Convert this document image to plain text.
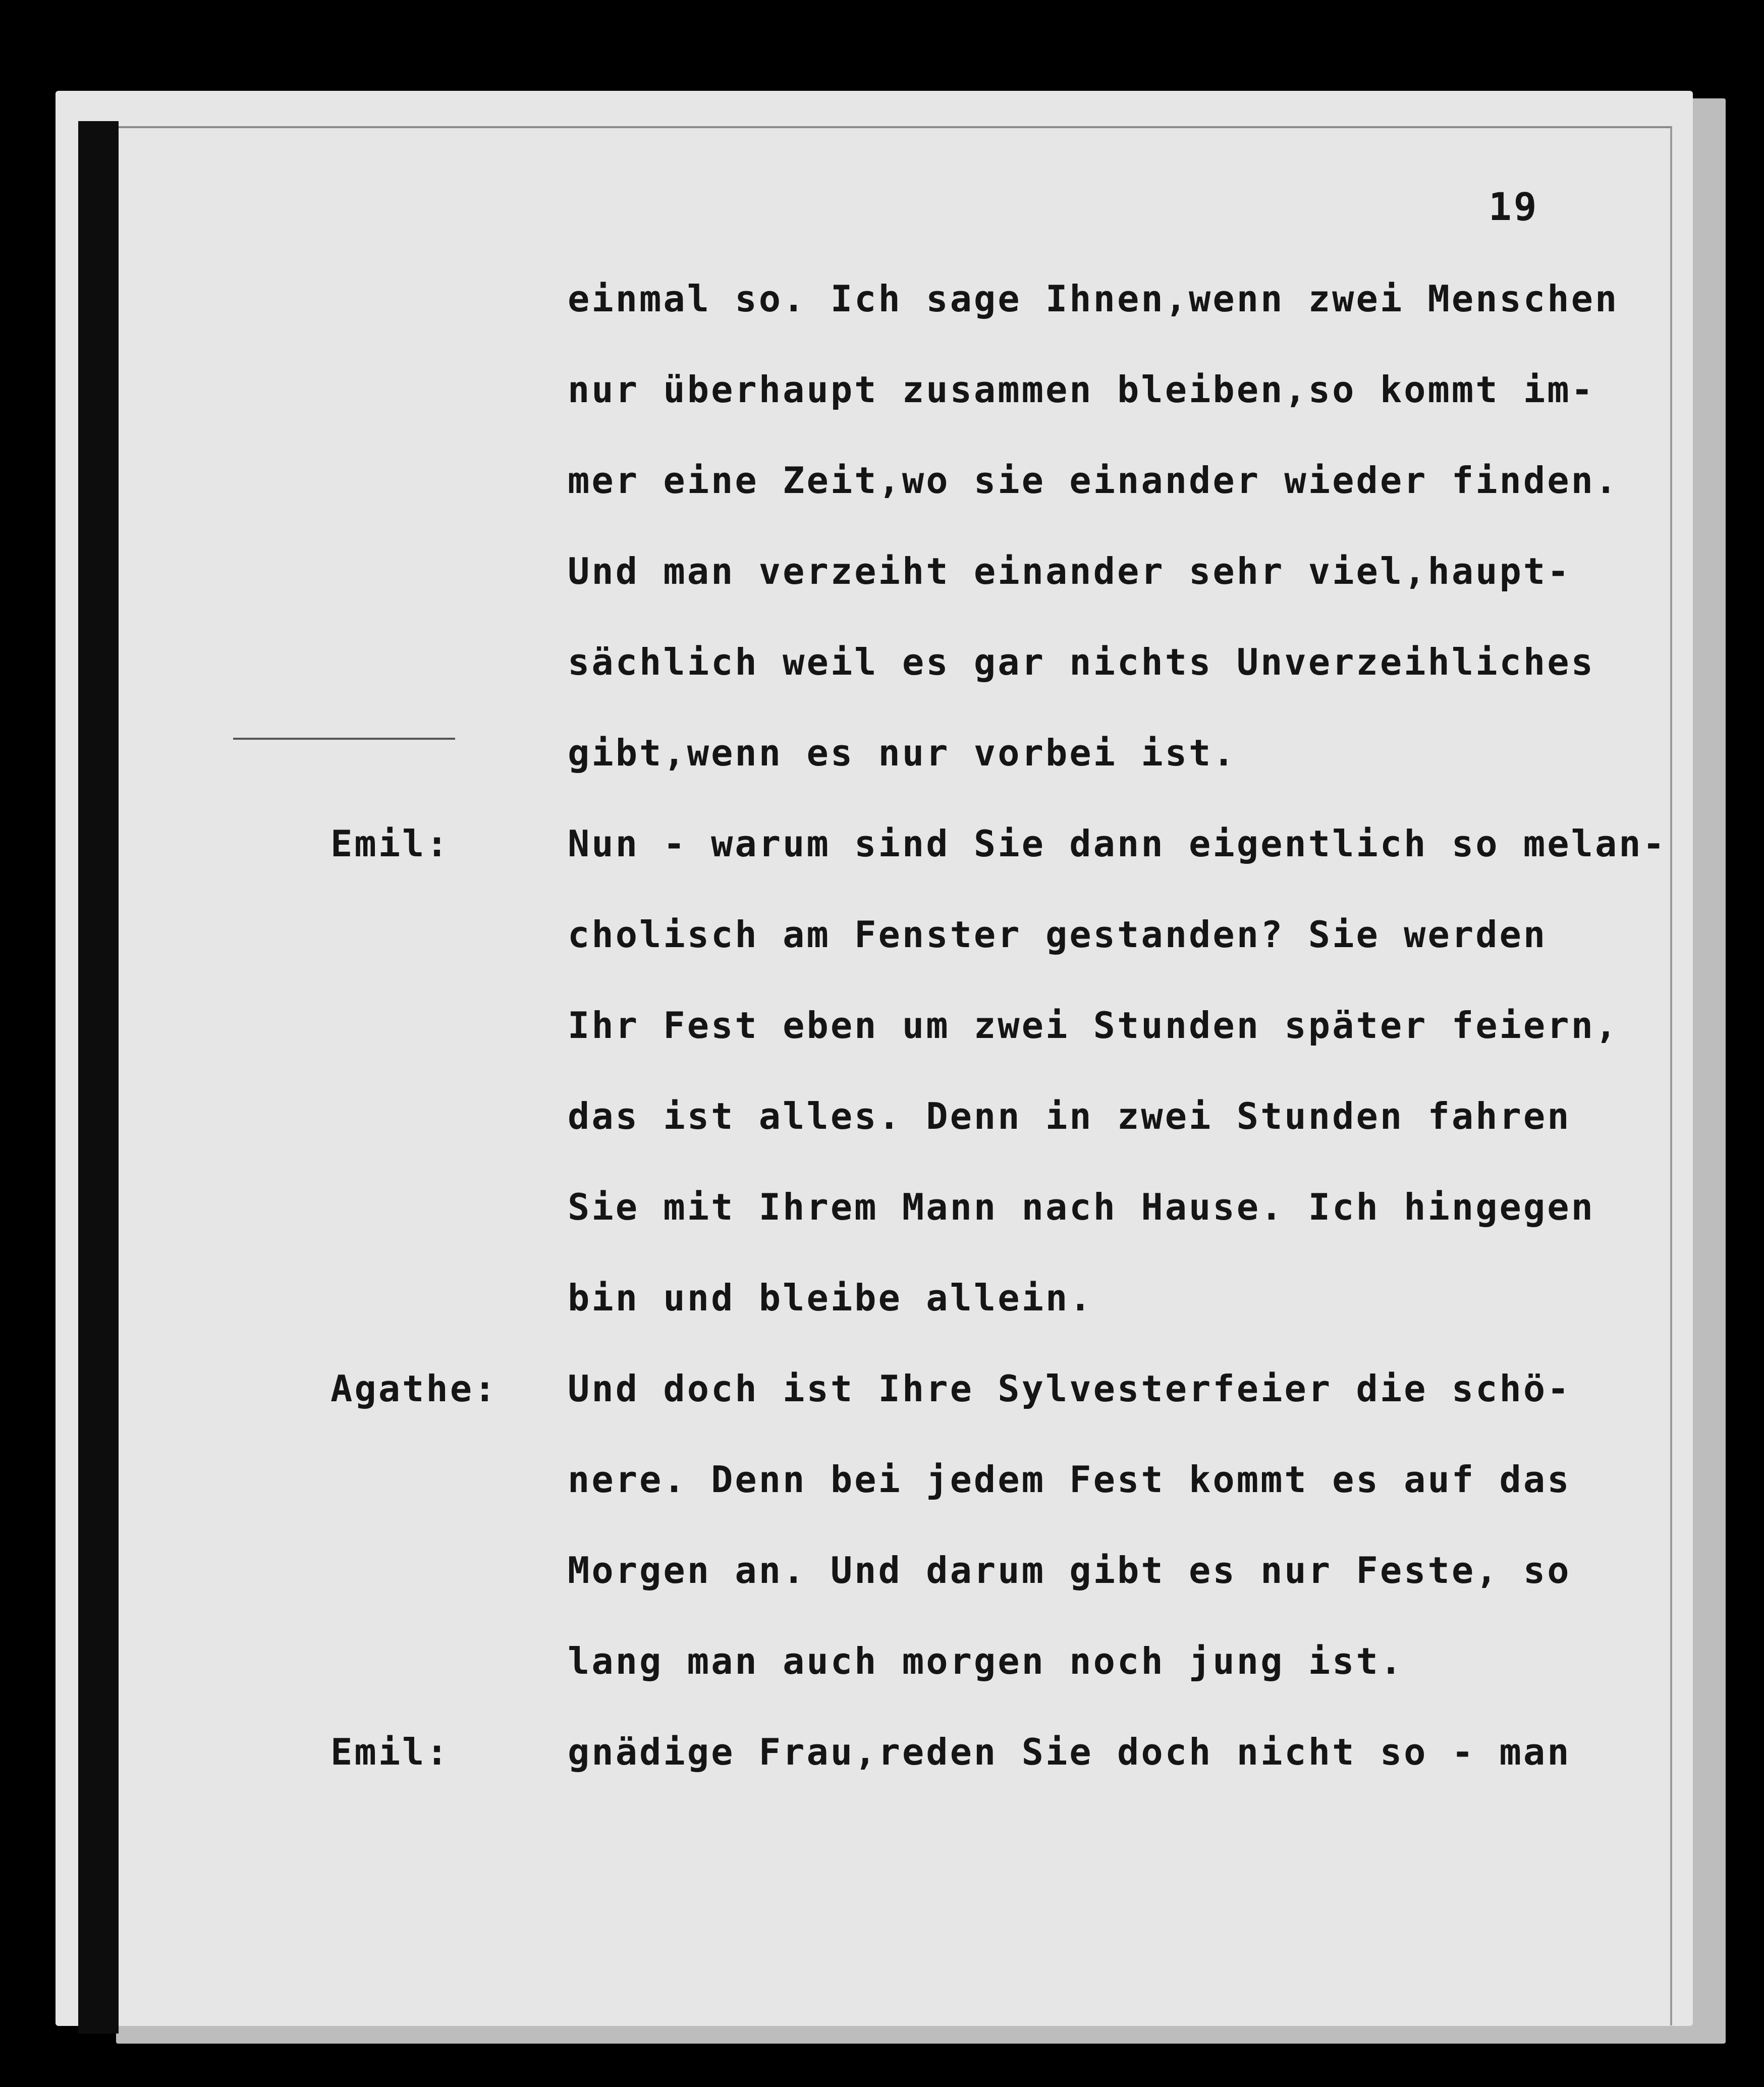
19
einmal so. Ich sage Ihnen,wenn zwei Menschen
nur überhaupt zusammen bleiben,so kommt im-
mer eine Zeit,wo sie einander wieder finden.
Und man verzeiht einander sehr viel,haupt-
sächlich weil es gar nichts Unverzeihliches
gibt,wenn es nur vorbei ist.
Emil:	Nun - warum sind Sie dann eigentlich so melan-
cholisch am Fenster gestanden? Sie werden
Ihr Fest eben um zwei Stunden später feiern,
das ist alles. Denn in zwei Stunden fahren
Sie mit Ihrem Mann nach Hause. Ich hingegen
bin und bleibe allein.
Agathe: Und doch ist Ihre Sylvesterfeier die schö-
nere. Denn bei jedem Fest kommt es auf das
Morgen an. Und darum gibt es nur Feste, so
lang man auch morgen noch jung ist.
Emil:	gnädige Frau,reden Sie doch nicht so - man
